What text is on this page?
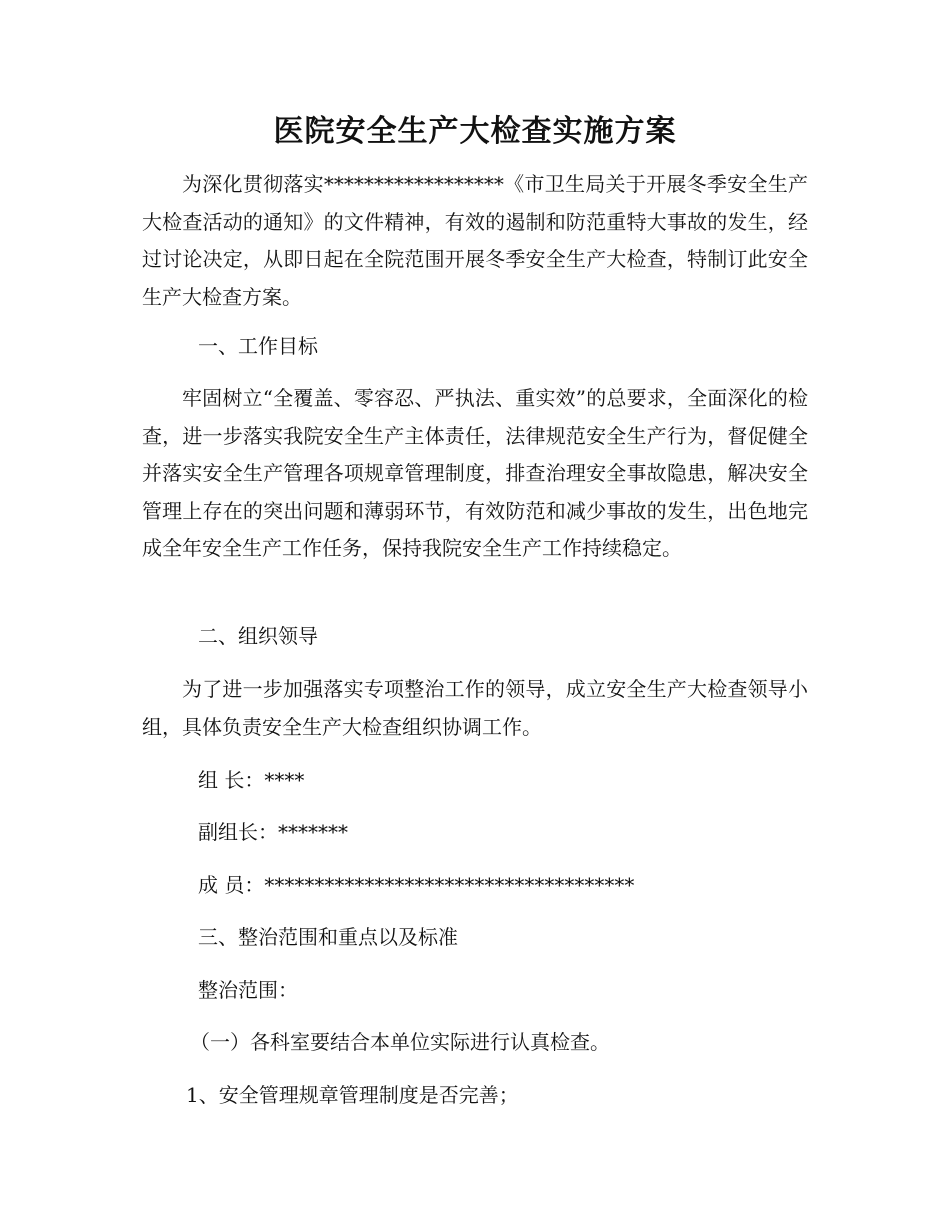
医院安全生产大检查实施方案

为深化贯彻落实******************《市卫生局关于开展冬季安全生产大检查活动的通知》的文件精神，有效的遏制和防范重特大事故的发生，经过讨论决定，从即日起在全院范围开展冬季安全生产大检查，特制订此安全生产大检查方案。

一、工作目标

牢固树立“全覆盖、零容忍、严执法、重实效”的总要求，全面深化的检查，进一步落实我院安全生产主体责任，法律规范安全生产行为，督促健全并落实安全生产管理各项规章管理制度，排查治理安全事故隐患，解决安全管理上存在的突出问题和薄弱环节，有效防范和减少事故的发生，出色地完成全年安全生产工作任务，保持我院安全生产工作持续稳定。

二、组织领导

为了进一步加强落实专项整治工作的领导，成立安全生产大检查领导小组，具体负责安全生产大检查组织协调工作。

组 长：****

副组长：*******

成 员：*************************************

三、整治范围和重点以及标准

整治范围：

（一）各科室要结合本单位实际进行认真检查。

1、安全管理规章管理制度是否完善；
